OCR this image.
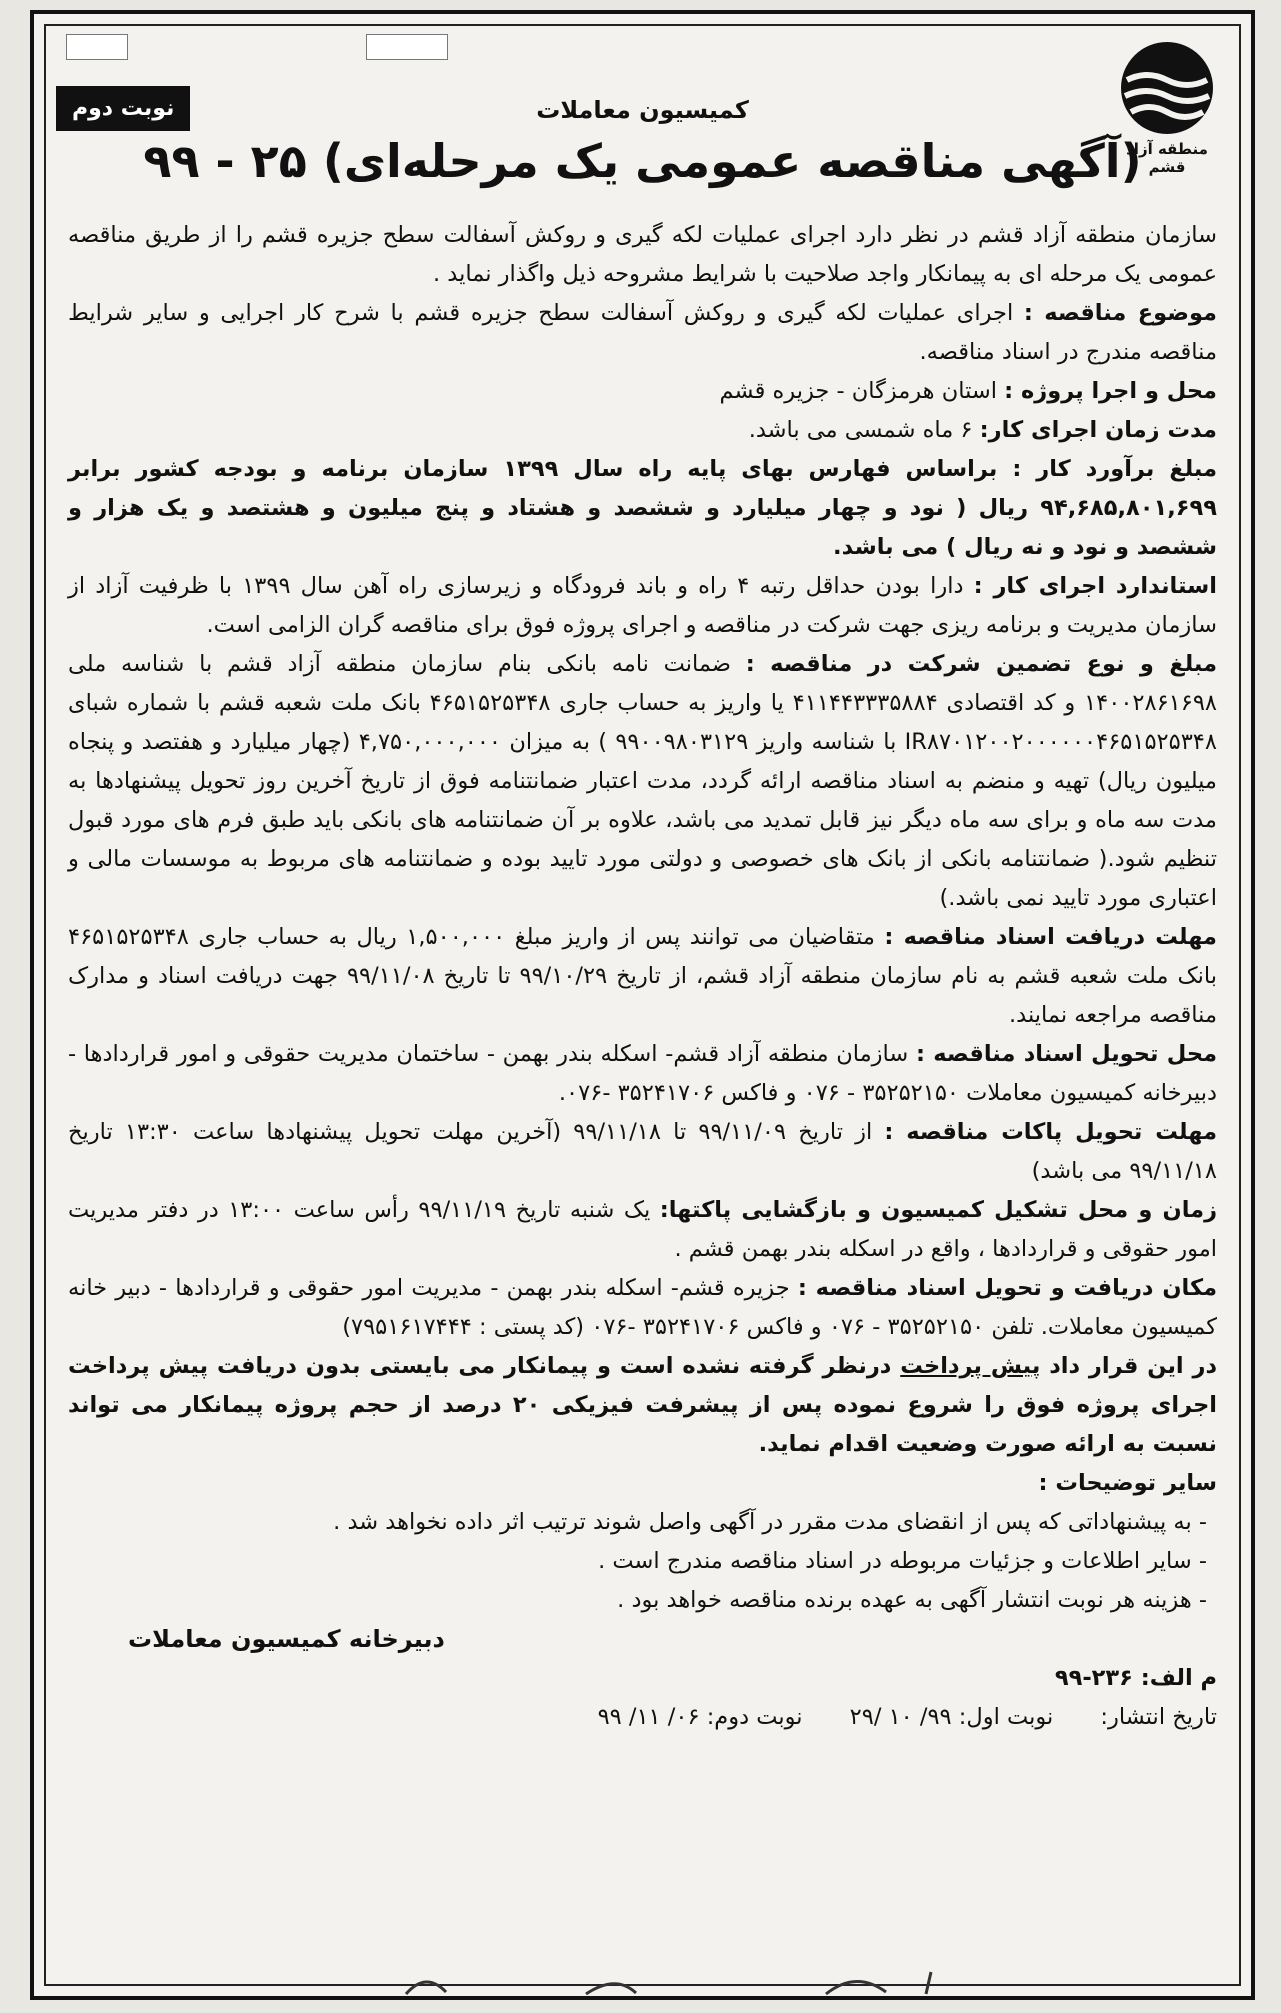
منطقه آزاد قشم
نوبت دوم	کمیسیون معاملات
(آگهی مناقصه عمومی یک مرحله‌ای) ۲۵ - ۹۹

سازمان منطقه آزاد قشم در نظر دارد اجرای عملیات لکه گیری و روکش آسفالت سطح جزیره قشم را از طریق مناقصه عمومی یک مرحله ای به پیمانکار واجد صلاحیت با شرایط مشروحه ذیل واگذار نماید .

موضوع مناقصه : اجرای عملیات لکه گیری و روکش آسفالت سطح جزیره قشم با شرح کار اجرایی و سایر شرایط مناقصه مندرج در اسناد مناقصه.

محل و اجرا پروژه : استان هرمزگان - جزیره قشم

مدت زمان اجرای کار: ۶ ماه شمسی می باشد.

مبلغ برآورد کار : براساس فهارس بهای پایه راه سال ۱۳۹۹ سازمان برنامه و بودجه کشور برابر ۹۴,۶۸۵,۸۰۱,۶۹۹ ریال ( نود و چهار میلیارد و ششصد و هشتاد و پنج میلیون و هشتصد و یک هزار و ششصد و نود و نه ریال ) می باشد.

استاندارد اجرای کار : دارا بودن حداقل رتبه ۴ راه و باند فرودگاه و زیرسازی راه آهن سال ۱۳۹۹ با ظرفیت آزاد از سازمان مدیریت و برنامه ریزی جهت شرکت در مناقصه و اجرای پروژه فوق برای مناقصه گران الزامی است.

مبلغ و نوع تضمین شرکت در مناقصه : ضمانت نامه بانکی بنام سازمان منطقه آزاد قشم با شناسه ملی ۱۴۰۰۲۸۶۱۶۹۸ و کد اقتصادی ۴۱۱۴۴۳۳۳۵۸۸۴ یا واریز به حساب جاری ۴۶۵۱۵۲۵۳۴۸ بانک ملت شعبه قشم با شماره شبای IR۸۷۰۱۲۰۰۲۰۰۰۰۰۰۴۶۵۱۵۲۵۳۴۸ با شناسه واریز ۹۹۰۰۹۸۰۳۱۲۹ ) به میزان ۴,۷۵۰,۰۰۰,۰۰۰ (چهار میلیارد و هفتصد و پنجاه میلیون ریال) تهیه و منضم به اسناد مناقصه ارائه گردد، مدت اعتبار ضمانتنامه فوق از تاریخ آخرین روز تحویل پیشنهادها به مدت سه ماه و برای سه ماه دیگر نیز قابل تمدید می باشد، علاوه بر آن ضمانتنامه های بانکی باید طبق فرم های مورد قبول تنظیم شود.( ضمانتنامه بانکی از بانک های خصوصی و دولتی مورد تایید بوده و ضمانتنامه های مربوط به موسسات مالی و اعتباری مورد تایید نمی باشد.)

مهلت دریافت اسناد مناقصه : متقاضیان می توانند پس از واریز مبلغ ۱,۵۰۰,۰۰۰ ریال به حساب جاری ۴۶۵۱۵۲۵۳۴۸ بانک ملت شعبه قشم به نام سازمان منطقه آزاد قشم، از تاریخ ۹۹/۱۰/۲۹ تا تاریخ ۹۹/۱۱/۰۸ جهت دریافت اسناد و مدارک مناقصه مراجعه نمایند.

محل تحویل اسناد مناقصه : سازمان منطقه آزاد قشم- اسکله بندر بهمن - ساختمان مدیریت حقوقی و امور قراردادها - دبیرخانه کمیسیون معاملات ۳۵۲۵۲۱۵۰ - ۰۷۶ و فاکس ۳۵۲۴۱۷۰۶ -۰۷۶.

مهلت تحویل پاکات مناقصه : از تاریخ ۹۹/۱۱/۰۹ تا ۹۹/۱۱/۱۸ (آخرین مهلت تحویل پیشنهادها ساعت ۱۳:۳۰ تاریخ ۹۹/۱۱/۱۸ می باشد)

زمان و محل تشکیل کمیسیون و بازگشایی پاکتها: یک شنبه تاریخ ۹۹/۱۱/۱۹ رأس ساعت ۱۳:۰۰ در دفتر مدیریت امور حقوقی و قراردادها ، واقع در اسکله بندر بهمن قشم .

مکان دریافت و تحویل اسناد مناقصه : جزیره قشم- اسکله بندر بهمن - مدیریت امور حقوقی و قراردادها - دبیر خانه کمیسیون معاملات. تلفن ۳۵۲۵۲۱۵۰ - ۰۷۶ و فاکس ۳۵۲۴۱۷۰۶ -۰۷۶ (کد پستی : ۷۹۵۱۶۱۷۴۴۴)

در این قرار داد پیش پرداخت درنظر گرفته نشده است و پیمانکار می بایستی بدون دریافت پیش پرداخت اجرای پروژه فوق را شروع نموده پس از پیشرفت فیزیکی ۲۰ درصد از حجم پروژه پیمانکار می تواند نسبت به ارائه صورت وضعیت اقدام نماید.

سایر توضیحات :

- به پیشنهاداتی که پس از انقضای مدت مقرر در آگهی واصل شوند ترتیب اثر داده نخواهد شد .

- سایر اطلاعات و جزئیات مربوطه در اسناد مناقصه مندرج است .

- هزینه هر نوبت انتشار آگهی به عهده برنده مناقصه خواهد بود .

دبیرخانه کمیسیون معاملات

م الف: ۲۳۶-۹۹

تاریخ انتشار: نوبت اول: ۹۹/ ۱۰ /۲۹ نوبت دوم: ۰۶/ ۱۱/ ۹۹
